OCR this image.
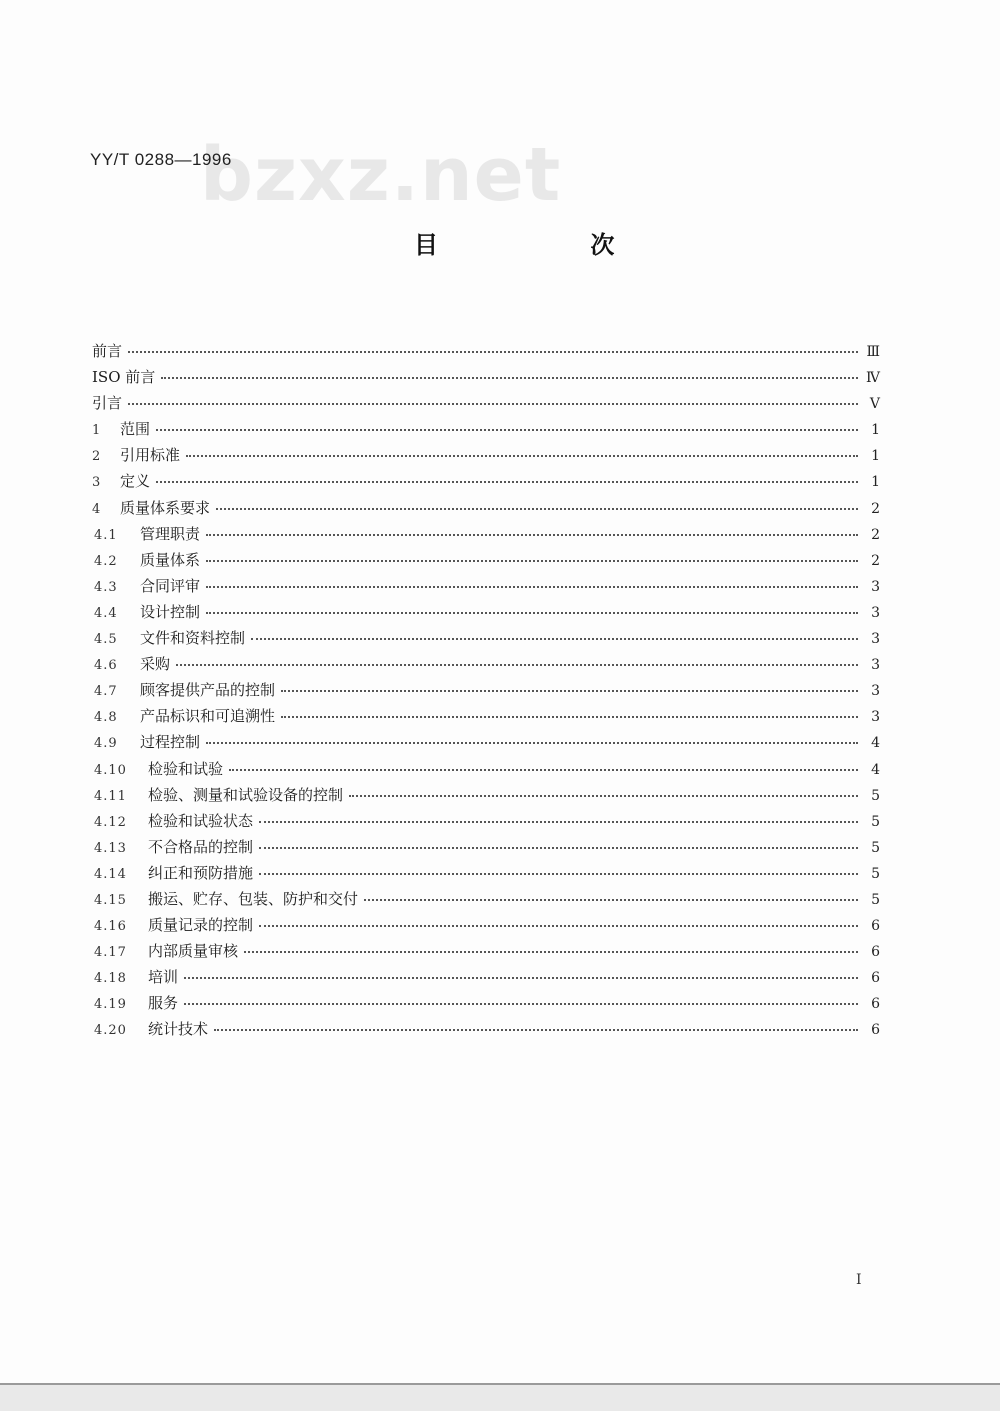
bzxz.net
YY/T 0288—1996
目 次
前言	Ⅲ
ISO 前言	Ⅳ
引言	Ⅴ
1	范围	1
2	引用标准	1
3	定义	1
4	质量体系要求	2
4.1	管理职责	2
4.2	质量体系	2
4.3	合同评审	3
4.4	设计控制	3
4.5	文件和资料控制	3
4.6	采购	3
4.7	顾客提供产品的控制	3
4.8	产品标识和可追溯性	3
4.9	过程控制	4
4.10	检验和试验	4
4.11	检验、测量和试验设备的控制	5
4.12	检验和试验状态	5
4.13	不合格品的控制	5
4.14	纠正和预防措施	5
4.15	搬运、贮存、包装、防护和交付	5
4.16	质量记录的控制	6
4.17	内部质量审核	6
4.18	培训	6
4.19	服务	6
4.20	统计技术	6
I
